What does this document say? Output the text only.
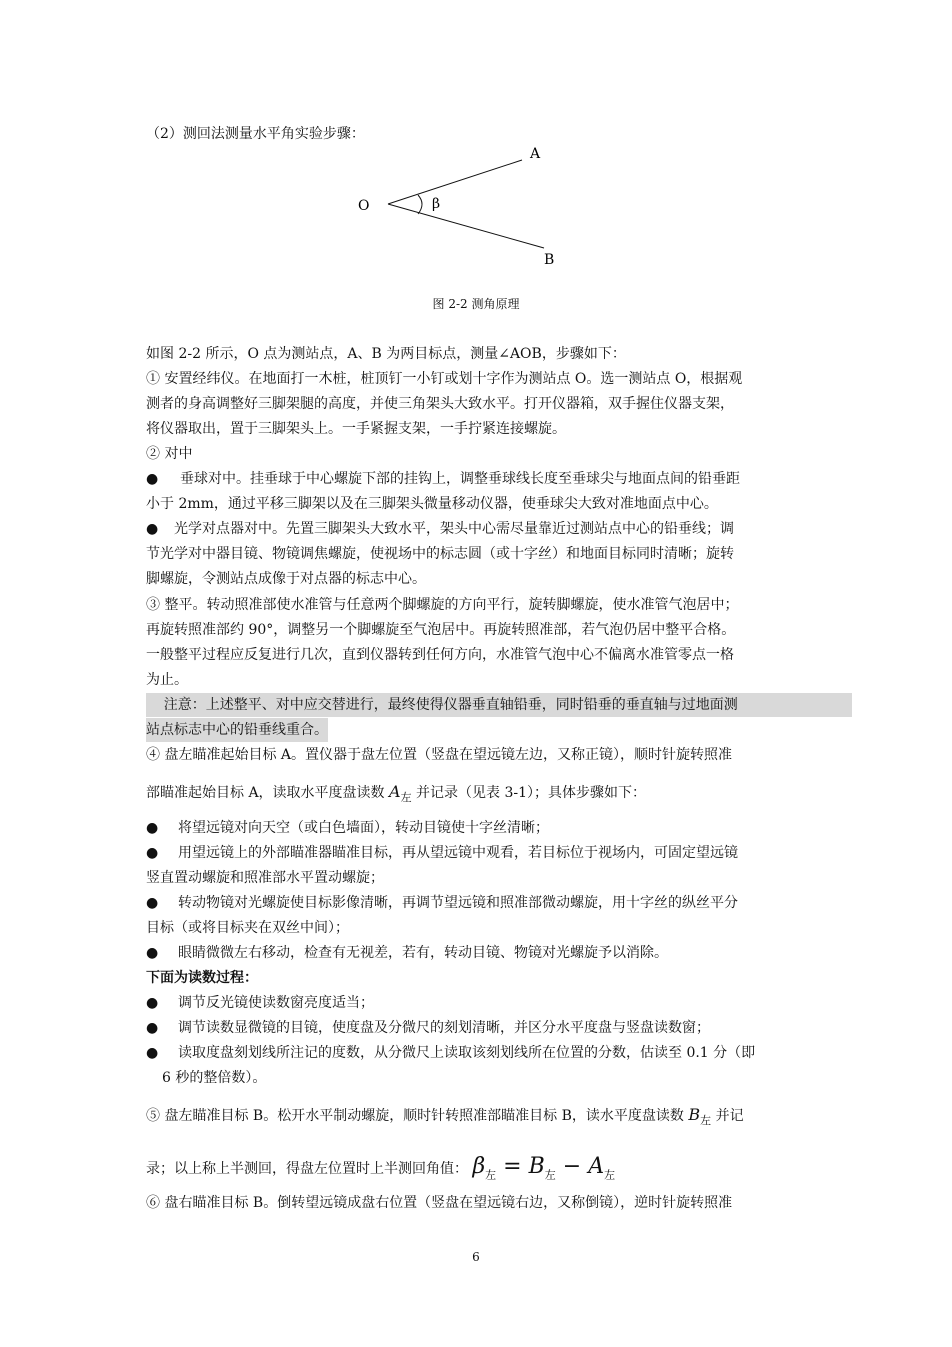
（2）测回法测量水平角实验步骤：
A
O
B
β
图 2-2 测角原理
如图 2-2 所示，O 点为测站点，A、B 为两目标点，测量∠AOB，步骤如下：
① 安置经纬仪。在地面打一木桩，桩顶钉一小钉或划十字作为测站点 O。选一测站点 O，根据观
测者的身高调整好三脚架腿的高度，并使三角架头大致水平。打开仪器箱，双手握住仪器支架，
将仪器取出，置于三脚架头上。一手紧握支架，一手拧紧连接螺旋。
② 对中
● 垂球对中。挂垂球于中心螺旋下部的挂钩上，调整垂球线长度至垂球尖与地面点间的铅垂距
小于 2mm，通过平移三脚架以及在三脚架头微量移动仪器，使垂球尖大致对准地面点中心。
● 光学对点器对中。先置三脚架头大致水平，架头中心需尽量靠近过测站点中心的铅垂线；调
节光学对中器目镜、物镜调焦螺旋，使视场中的标志圆（或十字丝）和地面目标同时清晰；旋转
脚螺旋，令测站点成像于对点器的标志中心。
③ 整平。转动照准部使水准管与任意两个脚螺旋的方向平行，旋转脚螺旋，使水准管气泡居中；
再旋转照准部约 90°，调整另一个脚螺旋至气泡居中。再旋转照准部，若气泡仍居中整平合格。
一般整平过程应反复进行几次，直到仪器转到任何方向，水准管气泡中心不偏离水准管零点一格
为止。
注意：上述整平、对中应交替进行，最终使得仪器垂直轴铅垂，同时铅垂的垂直轴与过地面测
站点标志中心的铅垂线重合。
④ 盘左瞄准起始目标 A。置仪器于盘左位置（竖盘在望远镜左边，又称正镜），顺时针旋转照准
部瞄准起始目标 A，读取水平度盘读数 $A_左$ 并记录（见表 3-1）；具体步骤如下：
● 将望远镜对向天空（或白色墙面），转动目镜使十字丝清晰；
● 用望远镜上的外部瞄准器瞄准目标，再从望远镜中观看，若目标位于视场内，可固定望远镜
竖直置动螺旋和照准部水平置动螺旋；
● 转动物镜对光螺旋使目标影像清晰，再调节望远镜和照准部微动螺旋，用十字丝的纵丝平分
目标（或将目标夹在双丝中间）；
● 眼睛微微左右移动，检查有无视差，若有，转动目镜、物镜对光螺旋予以消除。
下面为读数过程：
● 调节反光镜使读数窗亮度适当；
● 调节读数显微镜的目镜，使度盘及分微尺的刻划清晰，并区分水平度盘与竖盘读数窗；
● 读取度盘刻划线所注记的度数，从分微尺上读取该刻划线所在位置的分数，估读至 0.1 分（即
6 秒的整倍数）。
⑤ 盘左瞄准目标 B。松开水平制动螺旋，顺时针转照准部瞄准目标 B，读水平度盘读数 $B_左$ 并记
录；以上称上半测回，得盘左位置时上半测回角值： $\beta_左 = B_左 - A_左$
⑥ 盘右瞄准目标 B。倒转望远镜成盘右位置（竖盘在望远镜右边，又称倒镜），逆时针旋转照准
6
